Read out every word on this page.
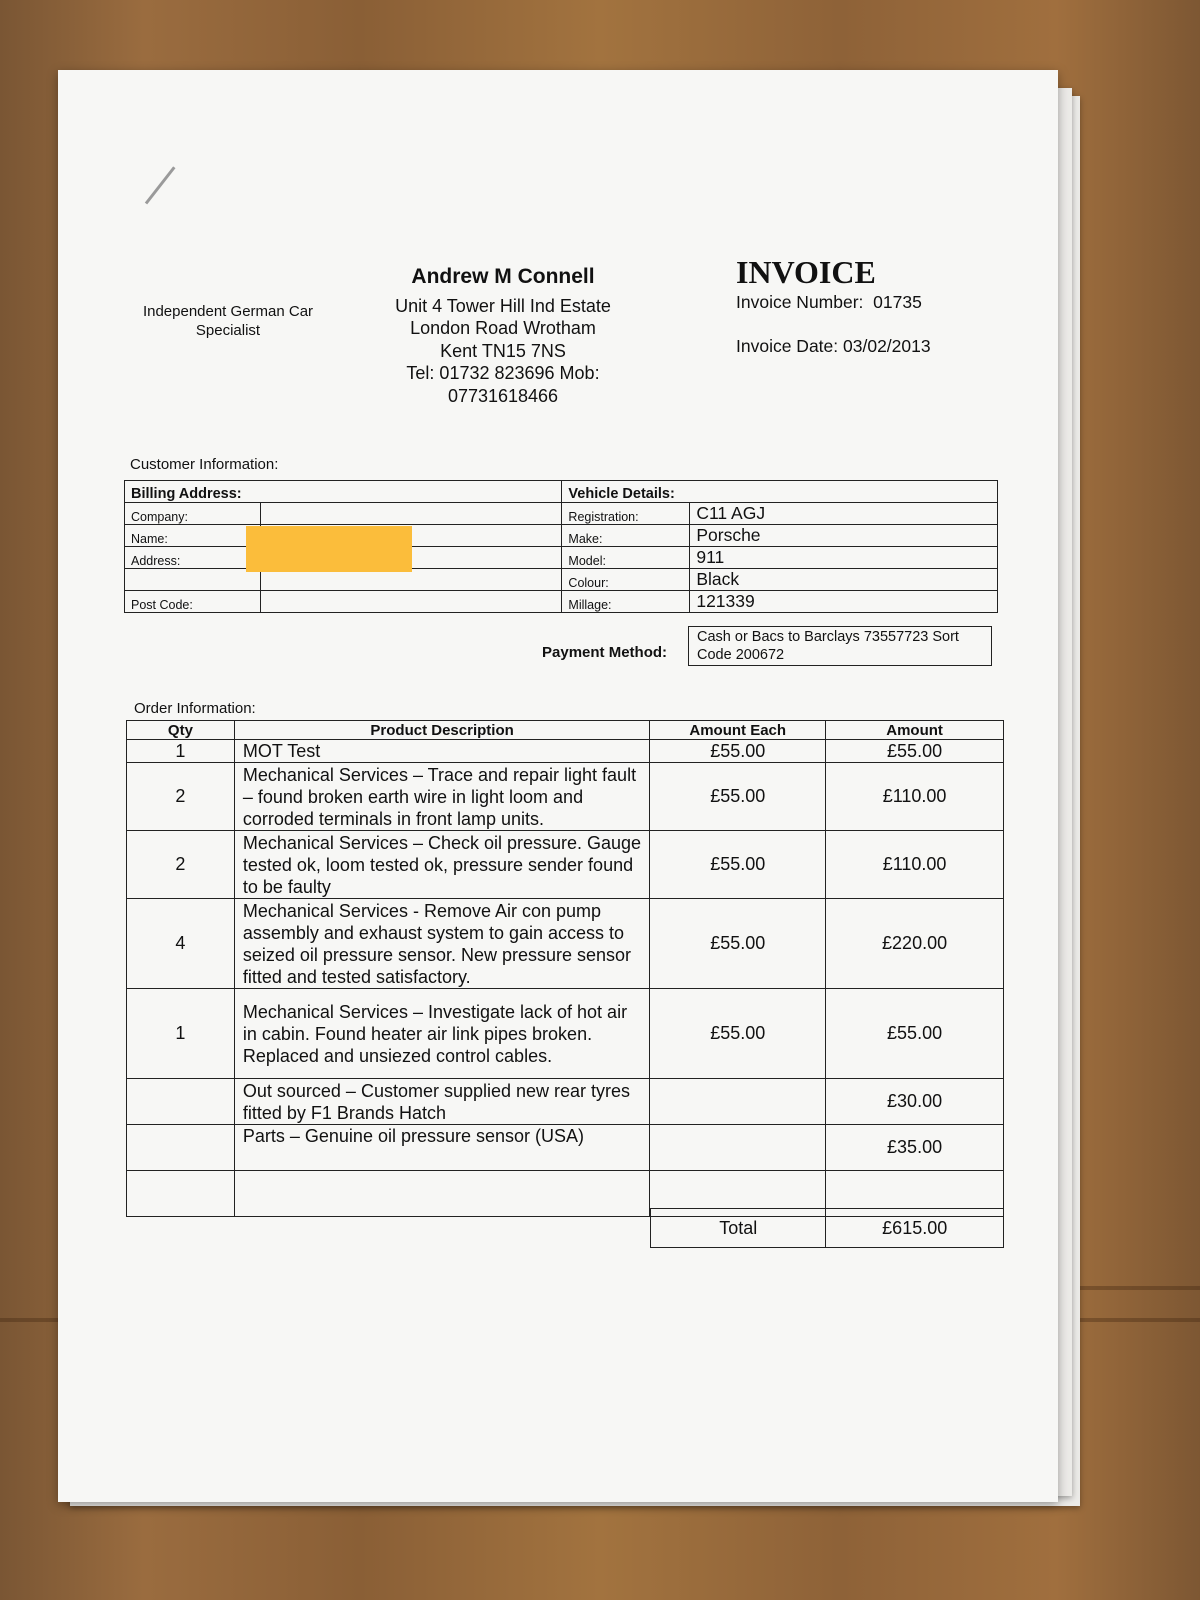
Independent German Car Specialist
Andrew M Connell
Unit 4 Tower Hill Ind Estate
London Road Wrotham
Kent TN15 7NS
Tel: 01732 823696 Mob:
07731618466
INVOICE
Invoice Number: 01735
Invoice Date: 03/02/2013
Customer Information:
Billing Address:		Vehicle Details:	
Company:		Registration:	C11 AGJ
Name:		Make:	Porsche
Address:		Model:	911
		Colour:	Black
Post Code:		Millage:	121339
Payment Method:
Cash or Bacs to Barclays 73557723 Sort Code 200672
Order Information:
Qty	Product Description	Amount Each	Amount
1	MOT Test	£55.00	£55.00
2	Mechanical Services – Trace and repair light fault – found broken earth wire in light loom and corroded terminals in front lamp units.	£55.00	£110.00
2	Mechanical Services – Check oil pressure. Gauge tested ok, loom tested ok, pressure sender found to be faulty	£55.00	£110.00
4	Mechanical Services - Remove Air con pump assembly and exhaust system to gain access to seized oil pressure sensor. New pressure sensor fitted and tested satisfactory.	£55.00	£220.00
1	Mechanical Services – Investigate lack of hot air in cabin. Found heater air link pipes broken. Replaced and unsiezed control cables.	£55.00	£55.00
	Out sourced – Customer supplied new rear tyres fitted by F1 Brands Hatch		£30.00
	Parts – Genuine oil pressure sensor (USA)		£35.00

Total	£615.00
